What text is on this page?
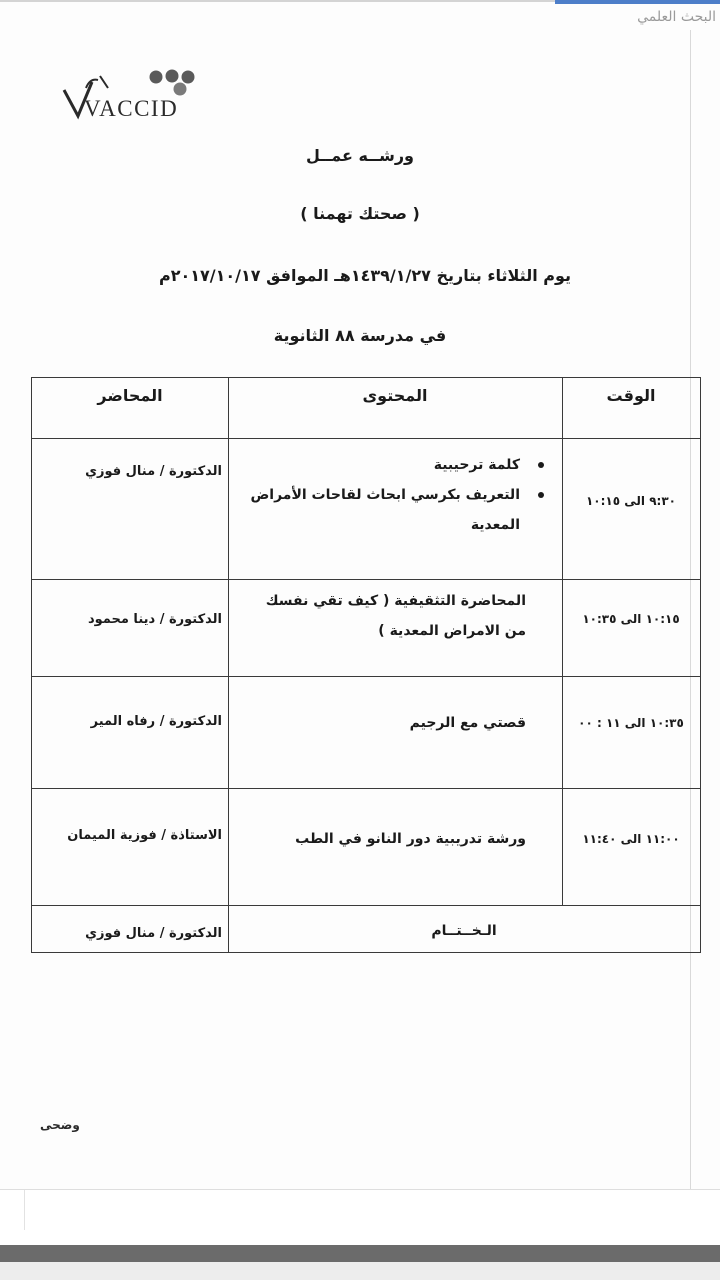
البحث العلمي
VACCID
ورشــه عمــل
( صحتك تهمنا )
يوم الثلاثاء بتاريخ ١٤٣٩/١/٢٧هـ الموافق ٢٠١٧/١٠/١٧م
في مدرسة ٨٨ الثانوية
الوقت
المحتوى
المحاضر
٩:٣٠ الى ١٠:١٥
كلمة ترحيبية
التعريف بكرسي ابحاث لقاحات الأمراض المعدية
الدكتورة / منال فوزي
١٠:١٥ الى ١٠:٣٥
المحاضرة التثقيفية ( كيف تقي نفسك من الامراض المعدية )
الدكتورة / دينا محمود
١٠:٣٥ الى ١١ : ٠٠
قصتي مع الرجيم
الدكتورة / رفاه المير
١١:٠٠ الى ١١:٤٠
ورشة تدريبية دور النانو في الطب
الاستاذة / فوزية الميمان
الـخــتــام
الدكتورة / منال فوزي
وضحى
